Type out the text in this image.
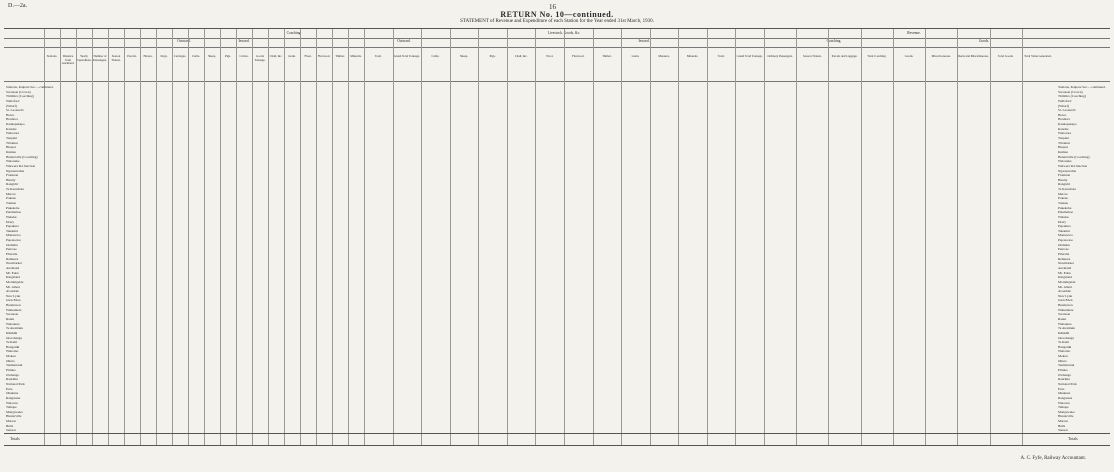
D.—2a.	16
RETURN No. 10—continued.
STATEMENT of Revenue and Expenditure of each Station for the Year ended 31st March, 1930.
Coaching.
Outward.	Inward.
Livestock, Goods, &c.
Outward.	Inward.
Revenue.
Coaching.	Goods.
Stations.	Distance from Auckland.
Yearly Expenditure.
Number of Passengers.
Season Tickets.
Parcels.	Horses.	Dogs.	Carriages.	Cattle.	Sheep.	Pigs.	Calves.	Goods Tonnage.
Chaff, &c.	Grain.	Flour.	Firewood.	Timber.	Minerals.	Total.	Grand Total Tonnage.	Cattle.	Sheep.	Pigs.	Chaff, &c.	Wool.	Firewood.	Timber.	Grain.	Manures.	Minerals.	Total.	Grand Total Tonnage.	Ordinary Passengers.	Season Tickets.	Parcels and Luggage.	Total Coaching.	Goods.	Miscell-aneous.	Rents and Miscellaneous.	Total Goods.	Total Value Generated.
Stations, Kaipara Sec.—continued.	Stations, Kaipara Sec.—continued.
Swanson (Crown)	Swanson (Crown)
Tirmbirs (Coaching)	Tirmbirs (Coaching)
Wellsford	Wellsford
(Wharf)	(Wharf)
St. Leonard's	St. Leonard's
Hoteo	Hoteo
Houhora	Houhora
Kaukapakapa	Kaukapakapa
Kanohe	Kanohe
Waitotara	Waitotara
Taupaki	Taupaki
Tirtainui	Tirtainui
Huapai	Huapai
Kumeu	Kumeu
Helensville (Coaching)	Helensville (Coaching)
Waioneke	Waioneke
Waiwera Rd Junction	Waiwera Rd Junction
Ngaruawahia	Ngaruawahia
Frankton	Frankton
Huntly	Huntly
Rangiriri	Rangiriri
Te Kauwhata	Te Kauwhata
Mercer	Mercer
Pokeno	Pokeno
Tuakau	Tuakau
Pukekohe	Pukekohe
Patumahoe	Patumahoe
Waiuku	Waiuku
Drury	Drury
Papakura	Papakura
Takanini	Takanini
Manurewa	Manurewa
Papatoetoe	Papatoetoe
Otahuhu	Otahuhu
Penrose	Penrose
Ellerslie	Ellerslie
Remuera	Remuera
Newmarket	Newmarket
Auckland	Auckland
Mt. Eden	Mt. Eden
Kingsland	Kingsland
Morningside	Morningside
Mt. Albert	Mt. Albert
Avondale	Avondale
New Lynn	New Lynn
Glen Eden	Glen Eden
Henderson	Henderson
Waikumete	Waikumete
Swanson	Swanson
Ranui	Ranui
Waitakere	Waitakere
Te Awamutu	Te Awamutu
Kihikihi	Kihikihi
Otorohanga	Otorohanga
Te Kuiti	Te Kuiti
Hangatiki	Hangatiki
Waitomo	Waitomo
Mokau	Mokau
Ohura	Ohura
Taumarunui	Taumarunui
Piriaka	Piriaka
Owhango	Owhango
Raurimu	Raurimu
National Park	National Park
Erua	Erua
Ohakune	Ohakune
Rangataua	Rangataua
Waiouru	Waiouru
Taihape	Taihape
Mangaweka	Mangaweka
Hunterville	Hunterville
Marton	Marton
Bulls	Bulls
Sanson	Sanson
Totals	Totals
A. C. Fyfe, Railway Accountant.
